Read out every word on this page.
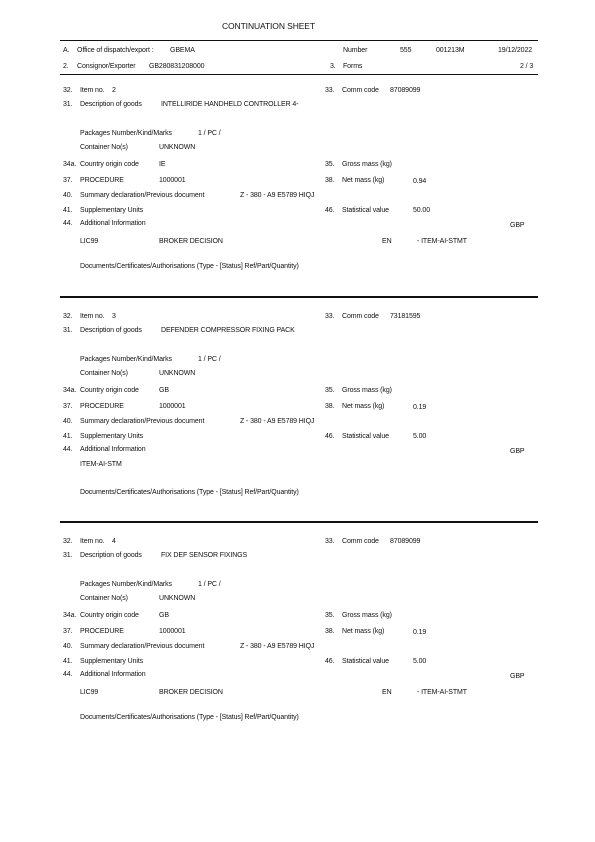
CONTINUATION SHEET
A. Office of dispatch/export : GBEMA	Number	555	001213M	19/12/2022
2. Consignor/Exporter GB280831208000	3. Forms	2 / 3
32. Item no. 2	33. Comm code 87089099
31. Description of goods	INTELLIRIDE HANDHELD CONTROLLER 4-
Packages Number/Kind/Marks	1 / PC /
Container No(s)	UNKNOWN
34a. Country origin code	IE	35. Gross mass (kg)
37. PROCEDURE	1000001	38. Net mass (kg)	0.94
40. Summary declaration/Previous document	Z - 380 - A9 E5789 HIQJ
41. Supplementary Units	46. Statistical value	50.00
44. Additional Information	GBP
LIC99	BROKER DECISION	EN	- ITEM-AI-STMT
Documents/Certificates/Authorisations (Type - [Status] Ref/Part/Quantity)
32. Item no. 3	33. Comm code 73181595
31. Description of goods	DEFENDER COMPRESSOR FIXING PACK
Packages Number/Kind/Marks	1 / PC /
Container No(s)	UNKNOWN
34a. Country origin code	GB	35. Gross mass (kg)
37. PROCEDURE	1000001	38. Net mass (kg)	0.19
40. Summary declaration/Previous document	Z - 380 - A9 E5789 HIQJ
41. Supplementary Units	46. Statistical value	5.00
44. Additional Information	GBP
ITEM-AI-STM
Documents/Certificates/Authorisations (Type - [Status] Ref/Part/Quantity)
32. Item no. 4	33. Comm code 87089099
31. Description of goods	FIX DEF SENSOR FIXINGS
Packages Number/Kind/Marks	1 / PC /
Container No(s)	UNKNOWN
34a. Country origin code	GB	35. Gross mass (kg)
37. PROCEDURE	1000001	38. Net mass (kg)	0.19
40. Summary declaration/Previous document	Z - 380 - A9 E5789 HIQJ
41. Supplementary Units	46. Statistical value	5.00
44. Additional Information	GBP
LIC99	BROKER DECISION	EN	- ITEM-AI-STMT
Documents/Certificates/Authorisations (Type - [Status] Ref/Part/Quantity)
